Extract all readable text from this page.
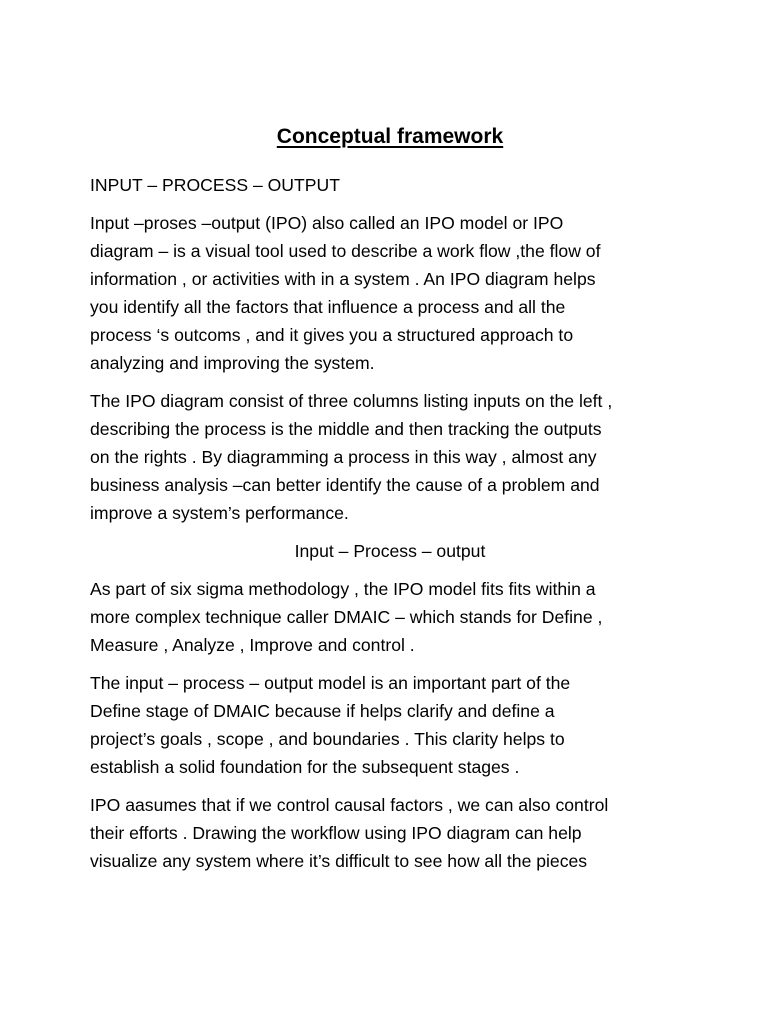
Conceptual framework

INPUT – PROCESS – OUTPUT

Input –proses –output (IPO) also called an IPO model or IPO
diagram – is a visual tool used to describe a work flow ,the flow of
information , or activities with in a system . An IPO diagram helps
you identify all the factors that influence a process and all the
process ‘s outcoms , and it gives you a structured approach to
analyzing and improving the system.

The IPO diagram consist of three columns listing inputs on the left ,
describing the process is the middle and then tracking the outputs
on the rights . By diagramming a process in this way , almost any
business analysis –can better identify the cause of a problem and
improve a system’s performance.

Input – Process – output

As part of six sigma methodology , the IPO model fits fits within a
more complex technique caller DMAIC – which stands for Define ,
Measure , Analyze , Improve and control .

The input – process – output model is an important part of the
Define stage of DMAIC because if helps clarify and define a
project’s goals , scope , and boundaries . This clarity helps to
establish a solid foundation for the subsequent stages .

IPO aasumes that if we control causal factors , we can also control
their efforts . Drawing the workflow using IPO diagram can help
visualize any system where it’s difficult to see how all the pieces
